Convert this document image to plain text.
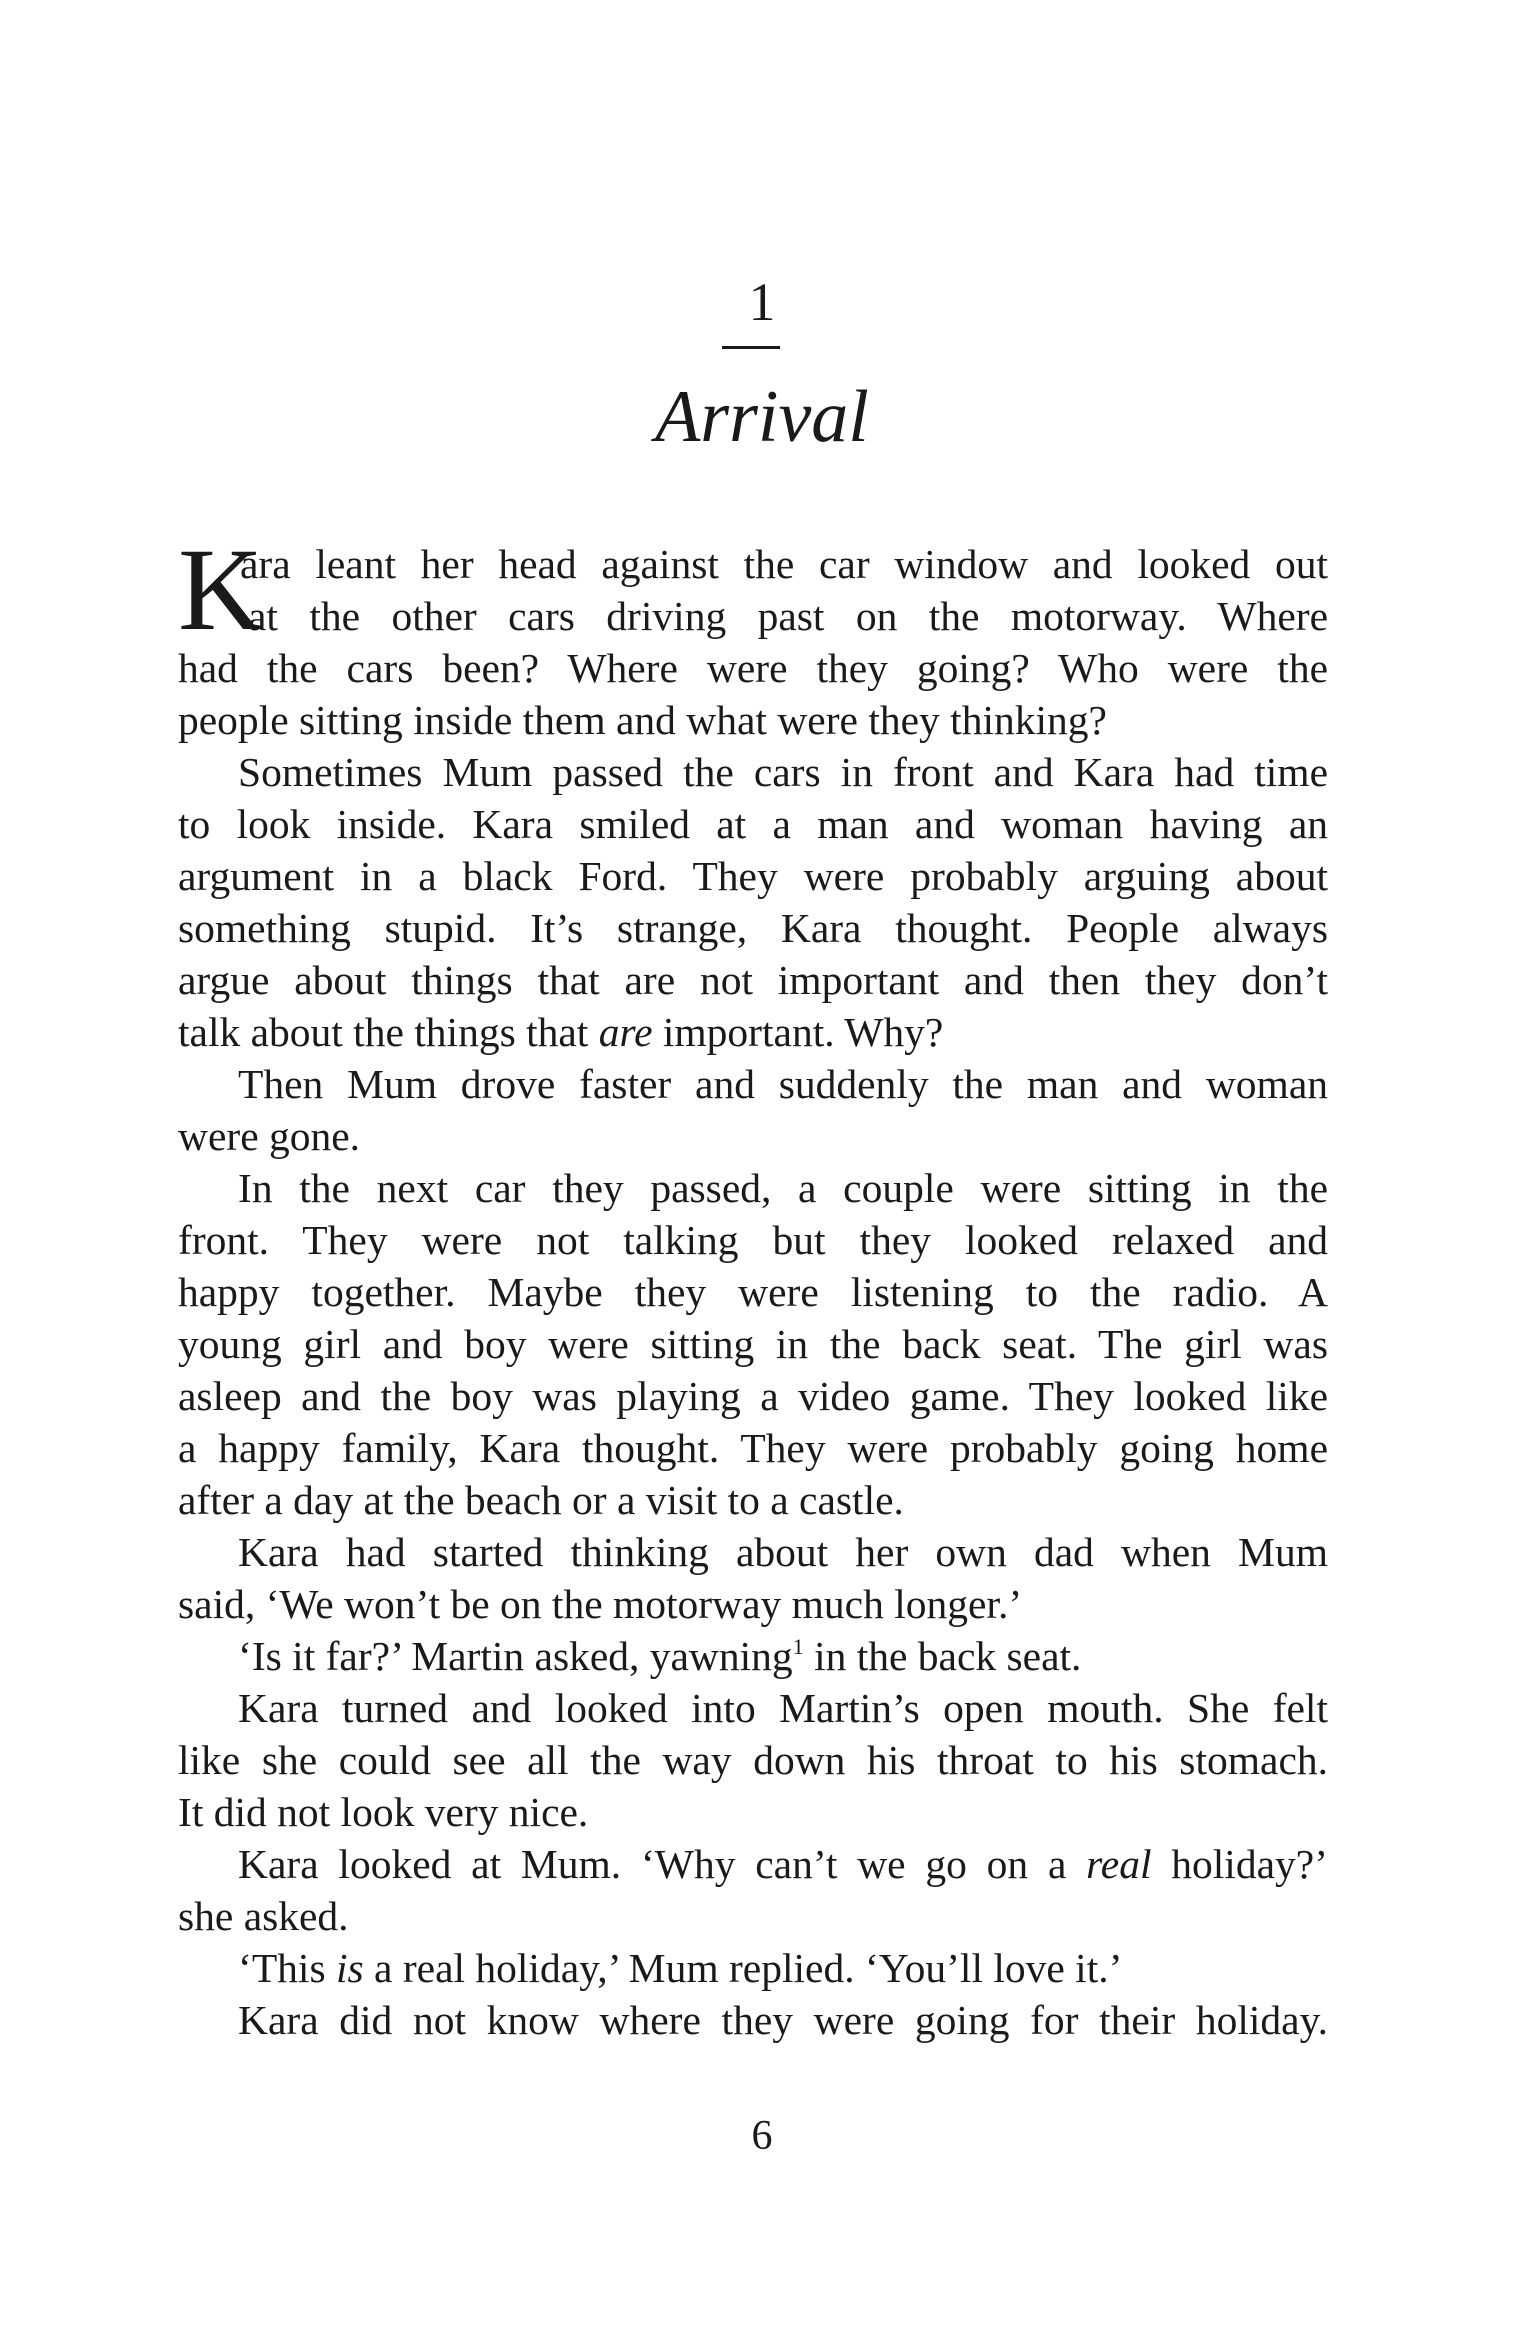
1
Arrival
K
ara leant her head against the car window and looked out
at the other cars driving past on the motorway. Where
had the cars been? Where were they going? Who were the
people sitting inside them and what were they thinking?
Sometimes Mum passed the cars in front and Kara had time
to look inside. Kara smiled at a man and woman having an
argument in a black Ford. They were probably arguing about
something stupid. It’s strange, Kara thought. People always
argue about things that are not important and then they don’t
talk about the things that are important. Why?
Then Mum drove faster and suddenly the man and woman
were gone.
In the next car they passed, a couple were sitting in the
front. They were not talking but they looked relaxed and
happy together. Maybe they were listening to the radio. A
young girl and boy were sitting in the back seat. The girl was
asleep and the boy was playing a video game. They looked like
a happy family, Kara thought. They were probably going home
after a day at the beach or a visit to a castle.
Kara had started thinking about her own dad when Mum
said, ‘We won’t be on the motorway much longer.’
‘Is it far?’ Martin asked, yawning$^1$ in the back seat.
Kara turned and looked into Martin’s open mouth. She felt
like she could see all the way down his throat to his stomach.
It did not look very nice.
Kara looked at Mum. ‘Why can’t we go on a real holiday?’
she asked.
‘This is a real holiday,’ Mum replied. ‘You’ll love it.’
Kara did not know where they were going for their holiday.
6
